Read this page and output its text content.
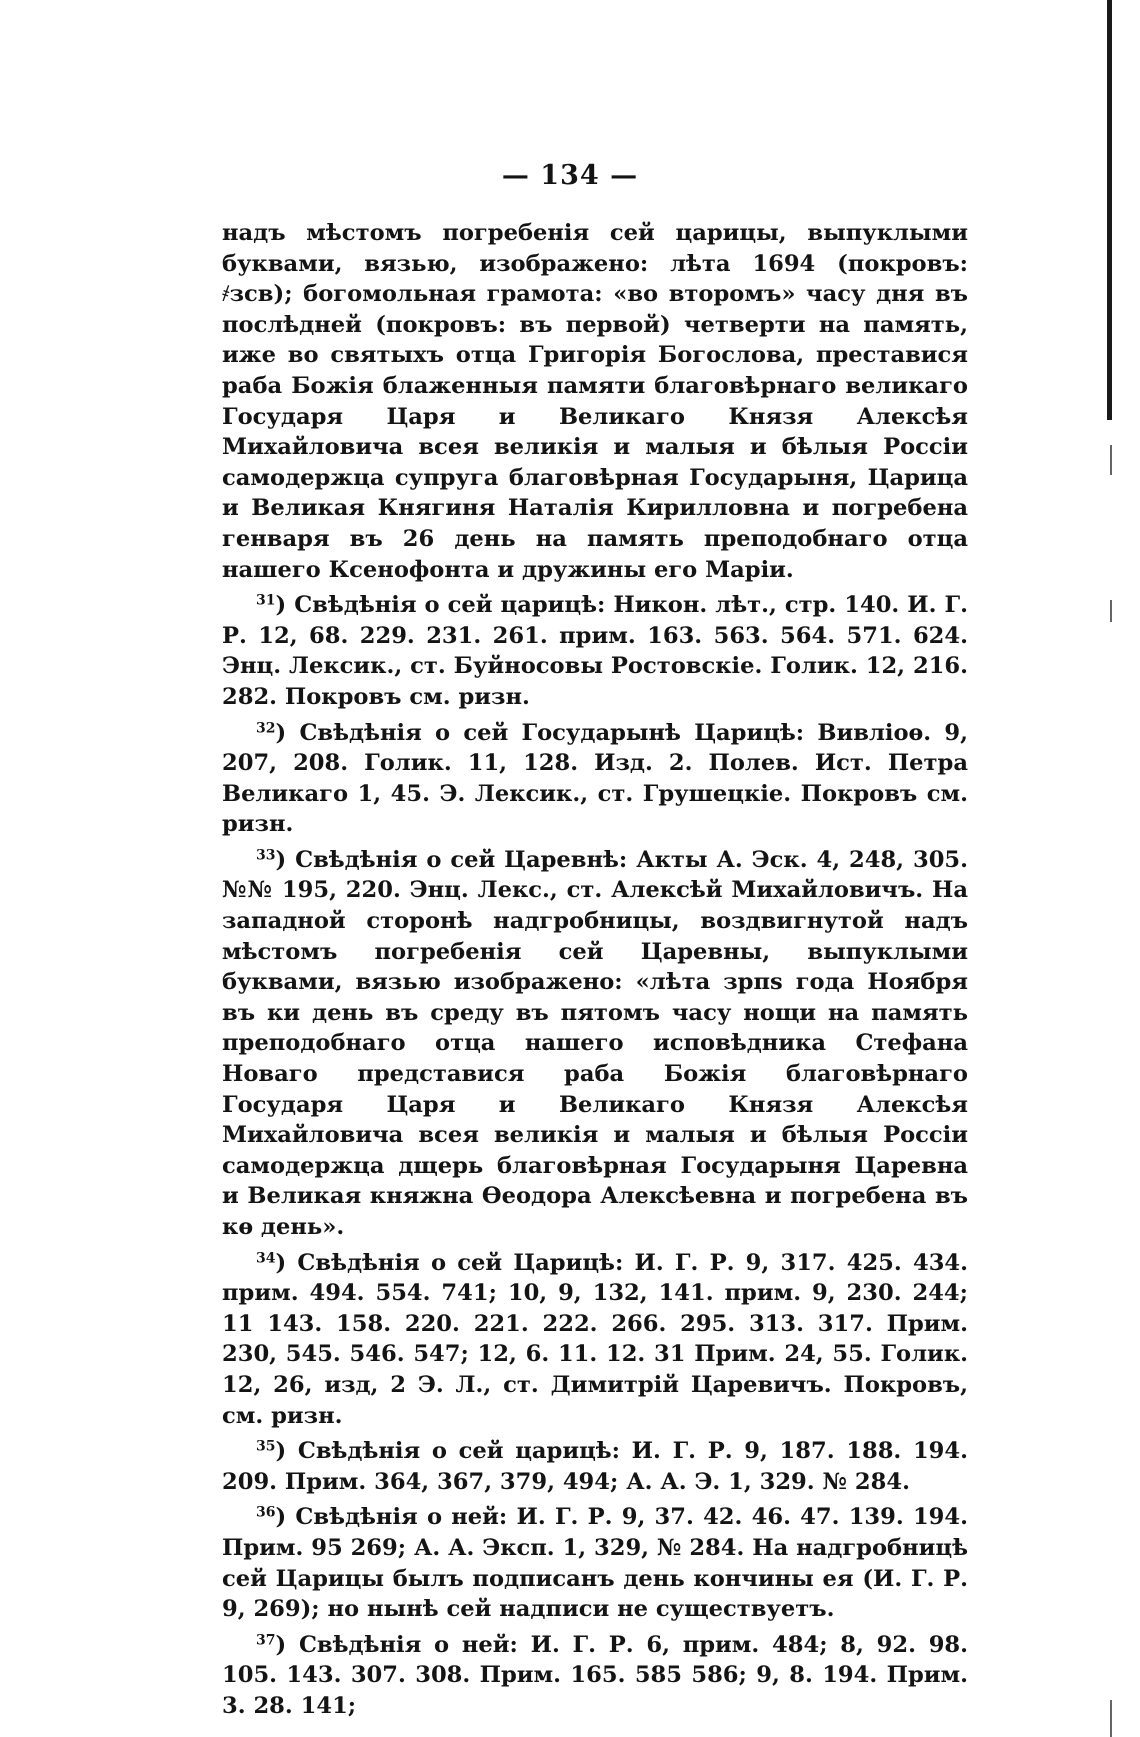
— 134 —

надъ мѣстомъ погребенія сей царицы, выпуклыми буквами, вязью, изображено: лѣта 1694 (покровъ: ҂зсв); богомольная грамота: «во второмъ» часу дня въ послѣдней (покровъ: въ первой) четверти на память, иже во святыхъ отца Григорія Богослова, преставися раба Божія блаженныя памяти благовѣрнаго великаго Государя Царя и Великаго Князя Алексѣя Михайловича всея великія и малыя и бѣлыя Россіи самодержца супруга благовѣрная Государыня, Царица и Великая Княгиня Наталія Кирилловна и погребена генваря въ 26 день на память преподобнаго отца нашего Ксенофонта и дружины его Маріи.

$^{31}$) Свѣдѣнія о сей царицѣ: Никон. лѣт., стр. 140. И. Г. Р. 12, 68. 229. 231. 261. прим. 163. 563. 564. 571. 624. Энц. Лексик., ст. Буйносовы Ростовскіе. Голик. 12, 216. 282. Покровъ см. ризн.

$^{32}$) Свѣдѣнія о сей Государынѣ Царицѣ: Вивліоѳ. 9, 207, 208. Голик. 11, 128. Изд. 2. Полев. Ист. Петра Великаго 1, 45. Э. Лексик., ст. Грушецкіе. Покровъ см. ризн.

$^{33}$) Свѣдѣнія о сей Царевнѣ: Акты А. Эск. 4, 248, 305. №№ 195, 220. Энц. Лекс., ст. Алексѣй Михайловичъ. На западной сторонѣ надгробницы, воздвигнутой надъ мѣстомъ погребенія сей Царевны, выпуклыми буквами, вязью изображено: «лѣта зрпѕ года Ноября въ ки день въ среду въ пятомъ часу нощи на память преподобнаго отца нашего исповѣдника Стефана Новаго представися раба Божія благовѣрнаго Государя Царя и Великаго Князя Алексѣя Михайловича всея великія и малыя и бѣлыя Россіи самодержца дщерь благовѣрная Государыня Царевна и Великая княжна Ѳеодора Алексѣевна и погребена въ кѳ день».

$^{34}$) Свѣдѣнія о сей Царицѣ: И. Г. Р. 9, 317. 425. 434. прим. 494. 554. 741; 10, 9, 132, 141. прим. 9, 230. 244; 11 143. 158. 220. 221. 222. 266. 295. 313. 317. Прим. 230, 545. 546. 547; 12, 6. 11. 12. 31 Прим. 24, 55. Голик. 12, 26, изд, 2 Э. Л., ст. Димитрій Царевичъ. Покровъ, см. ризн.

$^{35}$) Свѣдѣнія о сей царицѣ: И. Г. Р. 9, 187. 188. 194. 209. Прим. 364, 367, 379, 494; А. А. Э. 1, 329. № 284.

$^{36}$) Свѣдѣнія о ней: И. Г. Р. 9, 37. 42. 46. 47. 139. 194. Прим. 95 269; А. А. Эксп. 1, 329, № 284. На надгробницѣ сей Царицы былъ подписанъ день кончины ея (И. Г. Р. 9, 269); но нынѣ сей надписи не существуетъ.

$^{37}$) Свѣдѣнія о ней: И. Г. Р. 6, прим. 484; 8, 92. 98. 105. 143. 307. 308. Прим. 165. 585 586; 9, 8. 194. Прим. 3. 28. 141;
